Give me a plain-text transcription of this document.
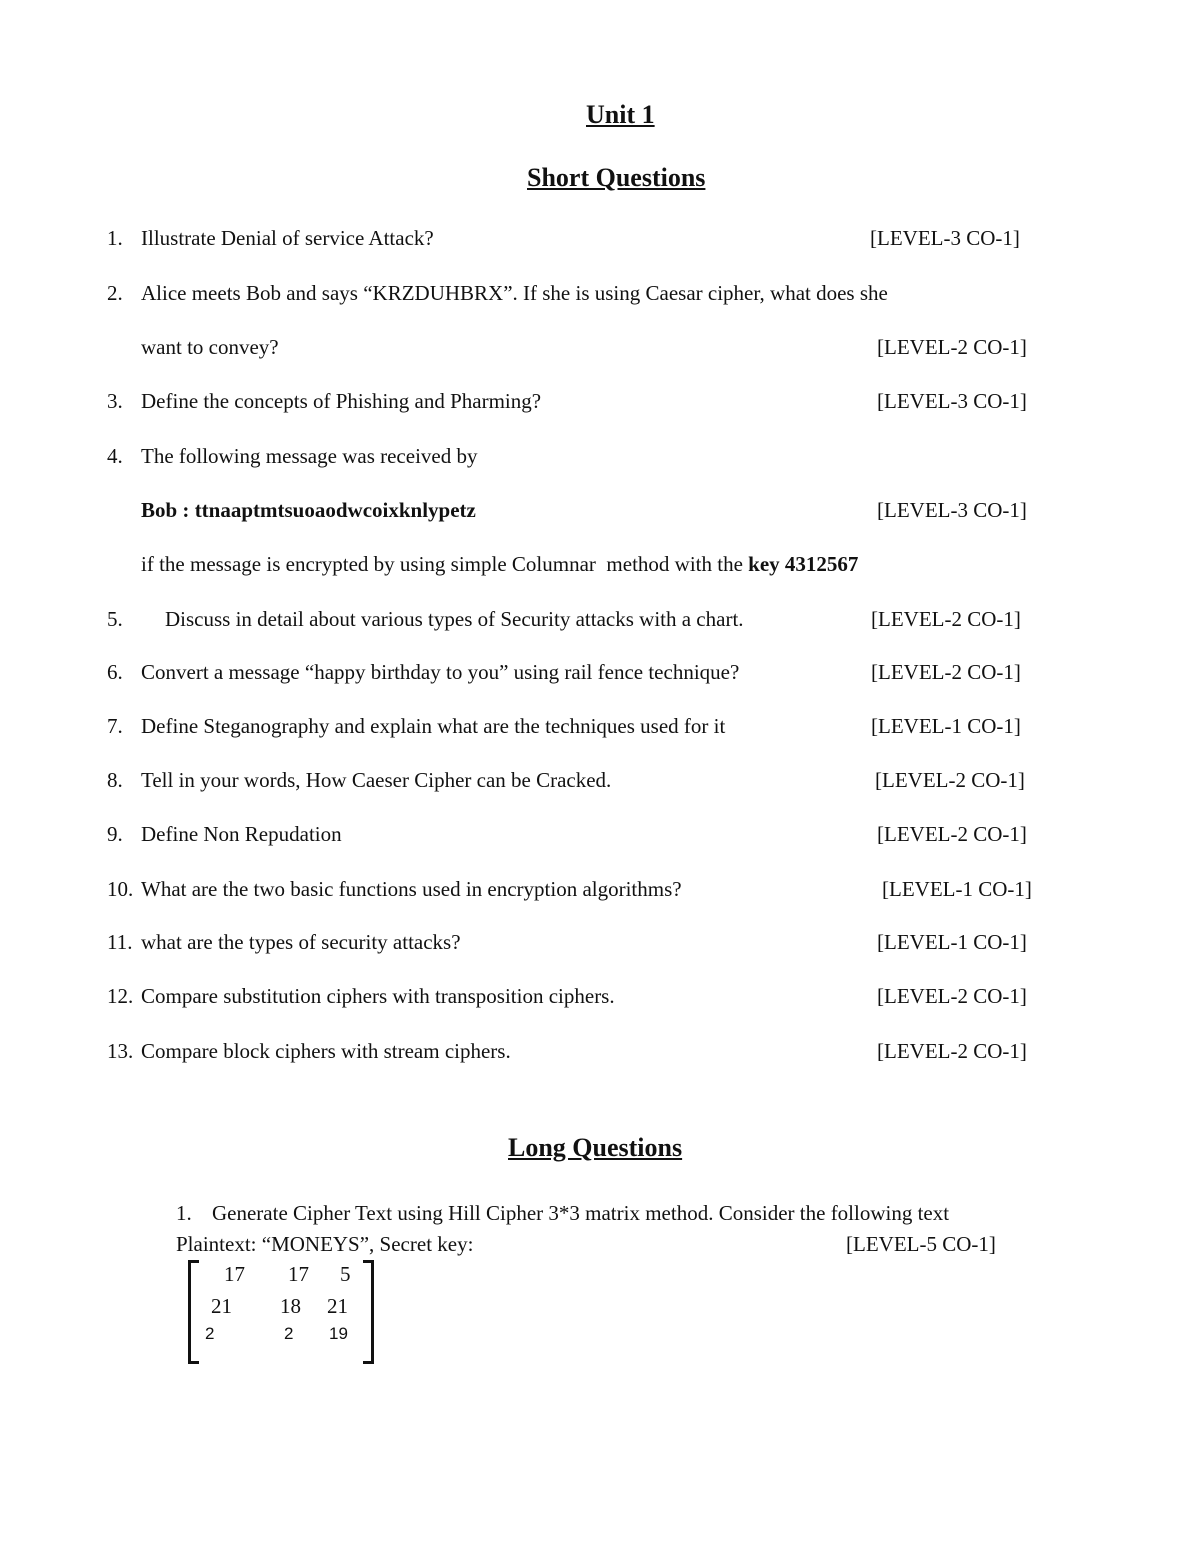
Unit 1
Short Questions
1. Illustrate Denial of service Attack?	[LEVEL-3 CO-1]
2. Alice meets Bob and says “KRZDUHBRX”. If she is using Caesar cipher, what does she
want to convey?	[LEVEL-2 CO-1]
3. Define the concepts of Phishing and Pharming?	[LEVEL-3 CO-1]
4. The following message was received by
Bob : ttnaaptmtsuoaodwcoixknlypetz	[LEVEL-3 CO-1]
if the message is encrypted by using simple Columnar  method with the key 4312567
5. Discuss in detail about various types of Security attacks with a chart.	[LEVEL-2 CO-1]
6. Convert a message “happy birthday to you” using rail fence technique?	[LEVEL-2 CO-1]
7. Define Steganography and explain what are the techniques used for it	[LEVEL-1 CO-1]
8. Tell in your words, How Caeser Cipher can be Cracked.	[LEVEL-2 CO-1]
9. Define Non Repudation	[LEVEL-2 CO-1]
10. What are the two basic functions used in encryption algorithms?	[LEVEL-1 CO-1]
11. what are the types of security attacks?	[LEVEL-1 CO-1]
12. Compare substitution ciphers with transposition ciphers.	[LEVEL-2 CO-1]
13. Compare block ciphers with stream ciphers.	[LEVEL-2 CO-1]
Long Questions
1. Generate Cipher Text using Hill Cipher 3*3 matrix method. Consider the following text
Plaintext: “MONEYS”, Secret key:	[LEVEL-5 CO-1]
17 17 5
21 18 21
2	2 19
